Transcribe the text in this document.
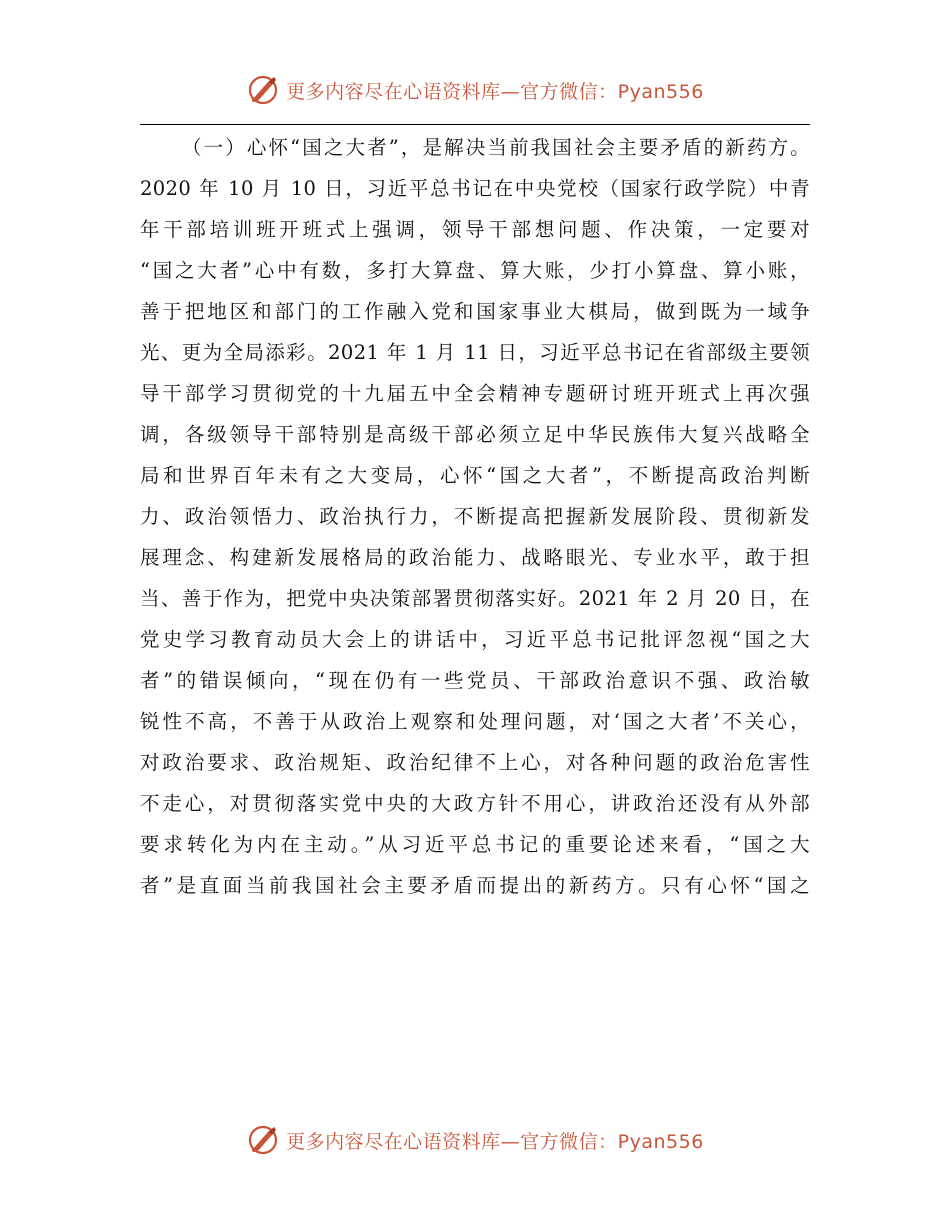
更多内容尽在心语资料库—官方微信：Pyan556
（一）心怀“国之大者”，是解决当前我国社会主要矛盾的新药方。
2020 年 10 月 10 日，习近平总书记在中央党校（国家行政学院）中青
年干部培训班开班式上强调，领导干部想问题、作决策，一定要对
“国之大者”心中有数，多打大算盘、算大账，少打小算盘、算小账，
善于把地区和部门的工作融入党和国家事业大棋局，做到既为一域争
光、更为全局添彩。2021 年 1 月 11 日，习近平总书记在省部级主要领
导干部学习贯彻党的十九届五中全会精神专题研讨班开班式上再次强
调，各级领导干部特别是高级干部必须立足中华民族伟大复兴战略全
局和世界百年未有之大变局，心怀“国之大者”，不断提高政治判断
力、政治领悟力、政治执行力，不断提高把握新发展阶段、贯彻新发
展理念、构建新发展格局的政治能力、战略眼光、专业水平，敢于担
当、善于作为，把党中央决策部署贯彻落实好。2021 年 2 月 20 日，在
党史学习教育动员大会上的讲话中，习近平总书记批评忽视“国之大
者”的错误倾向，“现在仍有一些党员、干部政治意识不强、政治敏
锐性不高，不善于从政治上观察和处理问题，对‘国之大者’不关心，
对政治要求、政治规矩、政治纪律不上心，对各种问题的政治危害性
不走心，对贯彻落实党中央的大政方针不用心，讲政治还没有从外部
要求转化为内在主动。”从习近平总书记的重要论述来看，“国之大
者”是直面当前我国社会主要矛盾而提出的新药方。只有心怀“国之
更多内容尽在心语资料库—官方微信：Pyan556
